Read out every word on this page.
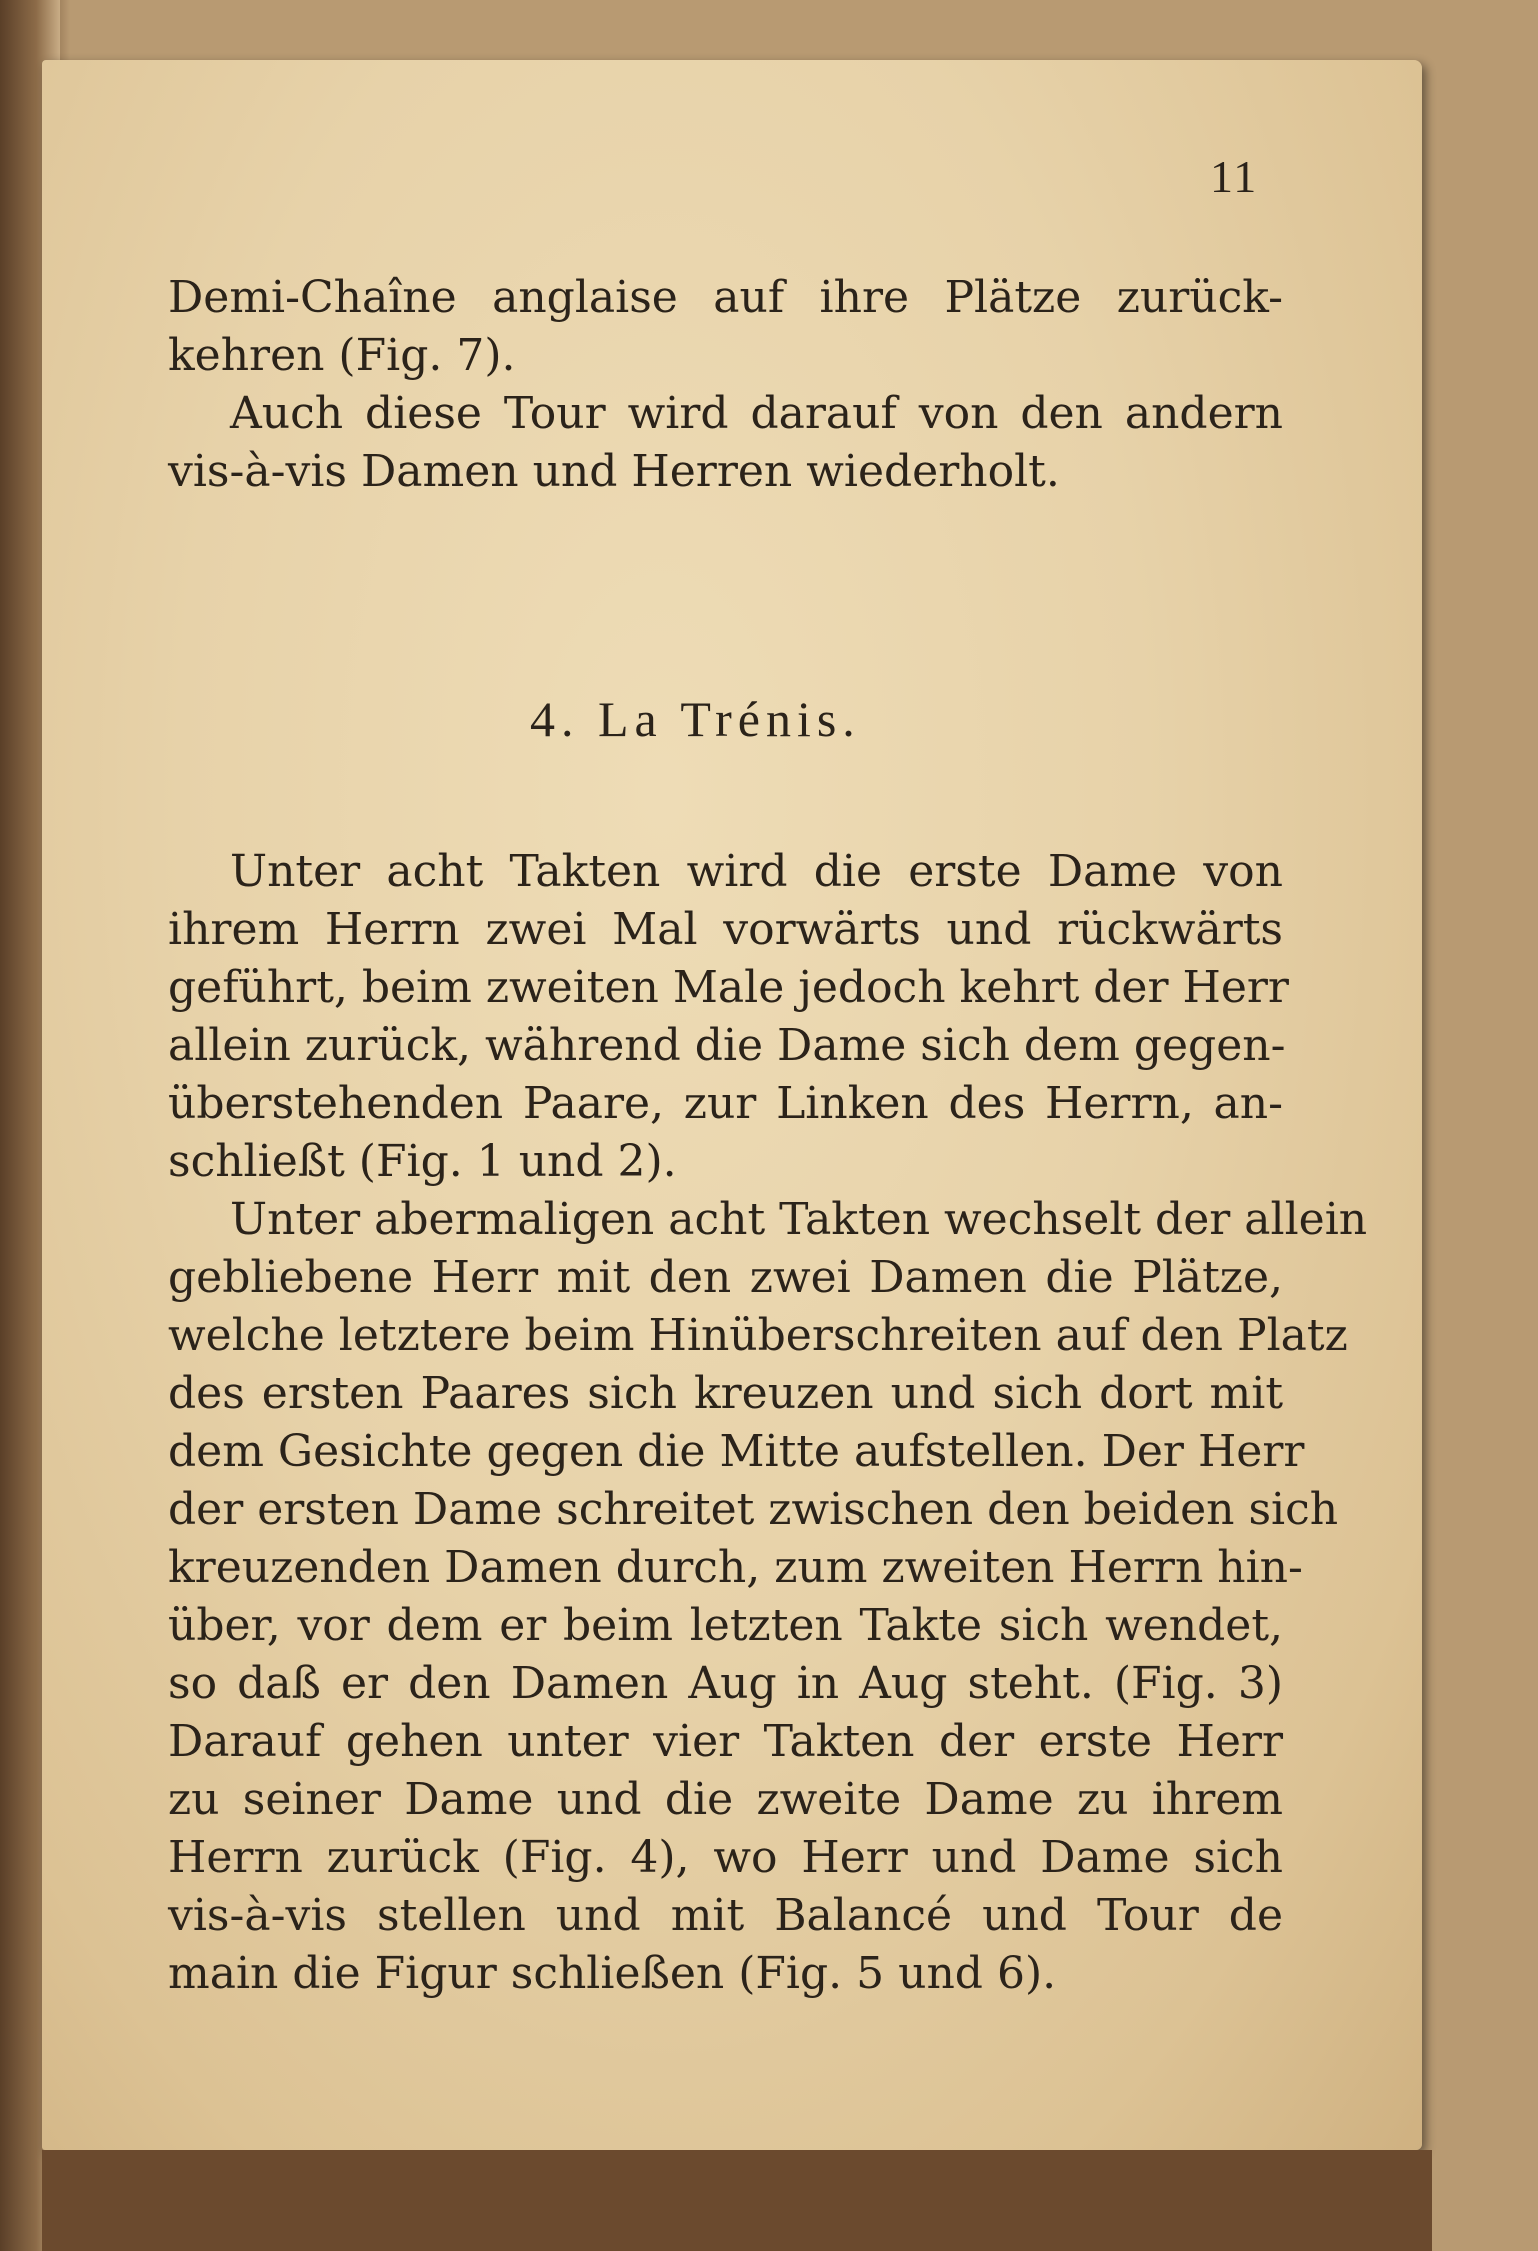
11
Demi-Chaîne anglaise auf ihre Plätze zurück-
kehren (Fig. 7).
Auch diese Tour wird darauf von den andern
vis-à-vis Damen und Herren wiederholt.
4. La Trénis.
Unter acht Takten wird die erste Dame von
ihrem Herrn zwei Mal vorwärts und rückwärts
geführt, beim zweiten Male jedoch kehrt der Herr
allein zurück, während die Dame sich dem gegen-
überstehenden Paare, zur Linken des Herrn, an-
schließt (Fig. 1 und 2).
Unter abermaligen acht Takten wechselt der allein
gebliebene Herr mit den zwei Damen die Plätze,
welche letztere beim Hinüberschreiten auf den Platz
des ersten Paares sich kreuzen und sich dort mit
dem Gesichte gegen die Mitte aufstellen. Der Herr
der ersten Dame schreitet zwischen den beiden sich
kreuzenden Damen durch, zum zweiten Herrn hin-
über, vor dem er beim letzten Takte sich wendet,
so daß er den Damen Aug in Aug steht. (Fig. 3)
Darauf gehen unter vier Takten der erste Herr
zu seiner Dame und die zweite Dame zu ihrem
Herrn zurück (Fig. 4), wo Herr und Dame sich
vis-à-vis stellen und mit Balancé und Tour de
main die Figur schließen (Fig. 5 und 6).
